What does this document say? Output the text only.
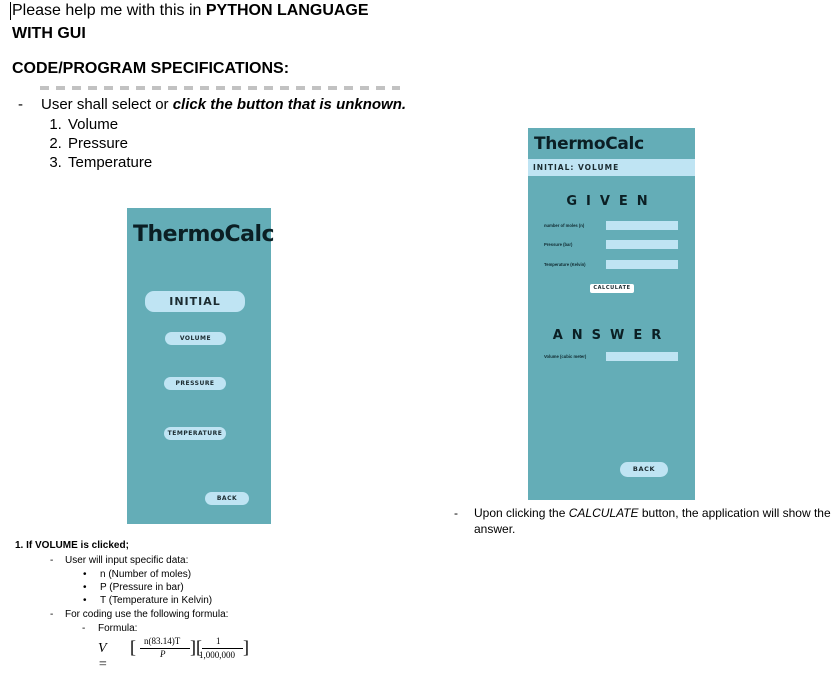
Please help me with this in PYTHON LANGUAGE
WITH GUI
CODE/PROGRAM SPECIFICATIONS:
- User shall select or click the button that is unknown.
1. Volume
2. Pressure
3. Temperature
ThermoCalc
INITIAL
VOLUME
PRESSURE
TEMPERATURE
BACK
ThermoCalc
INITIAL: VOLUME
GIVEN
number of moles (n)
Pressure (bar)
Temperature (Kelvin)
CALCULATE
ANSWER
Volume (cubic meter)
BACK
- Upon clicking the CALCULATE button, the application will show the answer.
1. If VOLUME is clicked;
- User will input specific data:
• n (Number of moles)
• P (Pressure in bar)
• T (Temperature in Kelvin)
- For coding use the following formula:
- Formula:
V =
[ n(83.14)T
P ] [ 1
1,000,000 ]
